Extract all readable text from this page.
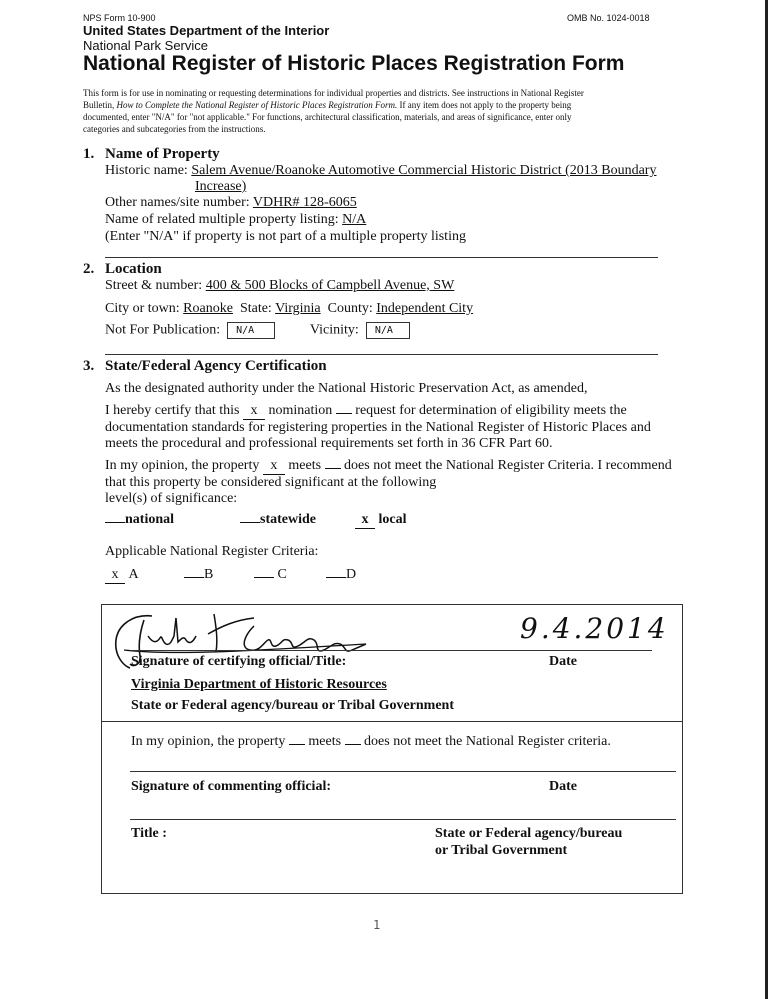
NPS Form 10-900	OMB No. 1024-0018
United States Department of the Interior
National Park Service
National Register of Historic Places Registration Form
This form is for use in nominating or requesting determinations for individual properties and districts. See instructions in National Register
Bulletin, How to Complete the National Register of Historic Places Registration Form. If any item does not apply to the property being
documented, enter "N/A" for "not applicable." For functions, architectural classification, materials, and areas of significance, enter only
categories and subcategories from the instructions.
1. Name of Property
Historic name: Salem Avenue/Roanoke Automotive Commercial Historic District (2013 Boundary
Increase)
Other names/site number: VDHR# 128-6065
Name of related multiple property listing: N/A
(Enter "N/A" if property is not part of a multiple property listing
2. Location
Street & number: 400 & 500 Blocks of Campbell Avenue, SW
City or town: Roanoke State: Virginia County: Independent City
Not For Publication: N/A	Vicinity: N/A
3. State/Federal Agency Certification
As the designated authority under the National Historic Preservation Act, as amended,
I hereby certify that this x nomination request for determination of eligibility meets the
documentation standards for registering properties in the National Register of Historic Places and
meets the procedural and professional requirements set forth in 36 CFR Part 60.
In my opinion, the property x meets does not meet the National Register Criteria. I recommend
that this property be considered significant at the following
level(s) of significance:
national	statewide	x local
Applicable National Register Criteria:
x A	B	C	D
9.4.2014
Signature of certifying official/Title:	Date
Virginia Department of Historic Resources
State or Federal agency/bureau or Tribal Government
In my opinion, the property meets does not meet the National Register criteria.
Signature of commenting official:	Date
Title :	State or Federal agency/bureau
or Tribal Government
1
